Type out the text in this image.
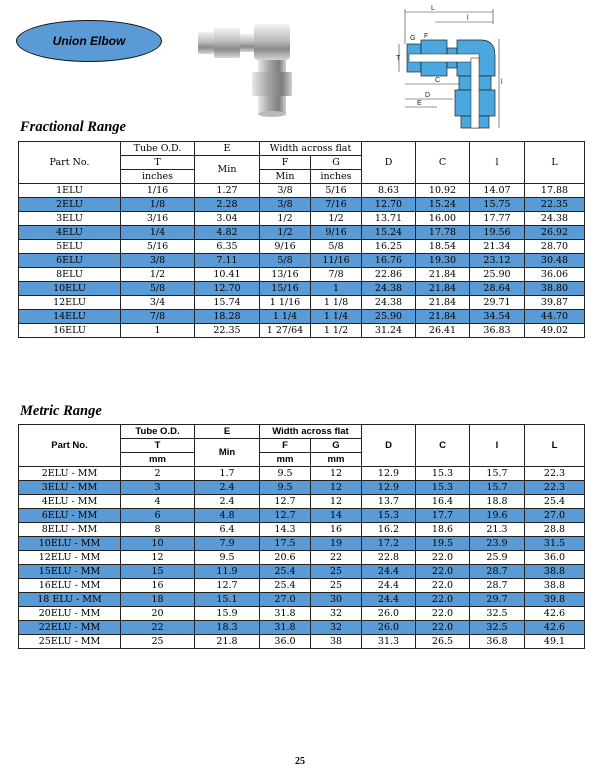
Union Elbow
L
l
C
D
E
T
G F
l
Fractional Range
Part No.	Tube O.D.	E	Width across flat		D	C	l	L
	T	Min	F	G				
	inches		Min	inches				
1ELU	1/16	1.27	3/8	5/16	8.63	10.92	14.07	17.88
2ELU	1/8	2.28	3/8	7/16	12.70	15.24	15.75	22.35
3ELU	3/16	3.04	1/2	1/2	13.71	16.00	17.77	24.38
4ELU	1/4	4.82	1/2	9/16	15.24	17.78	19.56	26.92
5ELU	5/16	6.35	9/16	5/8	16.25	18.54	21.34	28.70
6ELU	3/8	7.11	5/8	11/16	16.76	19.30	23.12	30.48
8ELU	1/2	10.41	13/16	7/8	22.86	21.84	25.90	36.06
10ELU	5/8	12.70	15/16	1	24.38	21.84	28.64	38.80
12ELU	3/4	15.74	1 1/16	1 1/8	24.38	21.84	29.71	39.87
14ELU	7/8	18.28	1 1/4	1 1/4	25.90	21.84	34.54	44.70
16ELU	1	22.35	1 27/64	1 1/2	31.24	26.41	36.83	49.02
Metric Range
Part No.	Tube O.D.	E	Width across flat		D	C	l	L
	T	Min	F	G				
	mm		mm	mm				
2ELU - MM	2	1.7	9.5	12	12.9	15.3	15.7	22.3
3ELU - MM	3	2.4	9.5	12	12.9	15.3	15.7	22.3
4ELU - MM	4	2.4	12.7	12	13.7	16.4	18.8	25.4
6ELU - MM	6	4.8	12.7	14	15.3	17.7	19.6	27.0
8ELU - MM	8	6.4	14.3	16	16.2	18.6	21.3	28.8
10ELU - MM	10	7.9	17.5	19	17.2	19.5	23.9	31.5
12ELU - MM	12	9.5	20.6	22	22.8	22.0	25.9	36.0
15ELU - MM	15	11.9	25.4	25	24.4	22.0	28.7	38.8
16ELU - MM	16	12.7	25.4	25	24.4	22.0	28.7	38.8
18 ELU - MM	18	15.1	27.0	30	24.4	22.0	29.7	39.8
20ELU - MM	20	15.9	31.8	32	26.0	22.0	32.5	42.6
22ELU - MM	22	18.3	31.8	32	26.0	22.0	32.5	42.6
25ELU - MM	25	21.8	36.0	38	31.3	26.5	36.8	49.1
25
